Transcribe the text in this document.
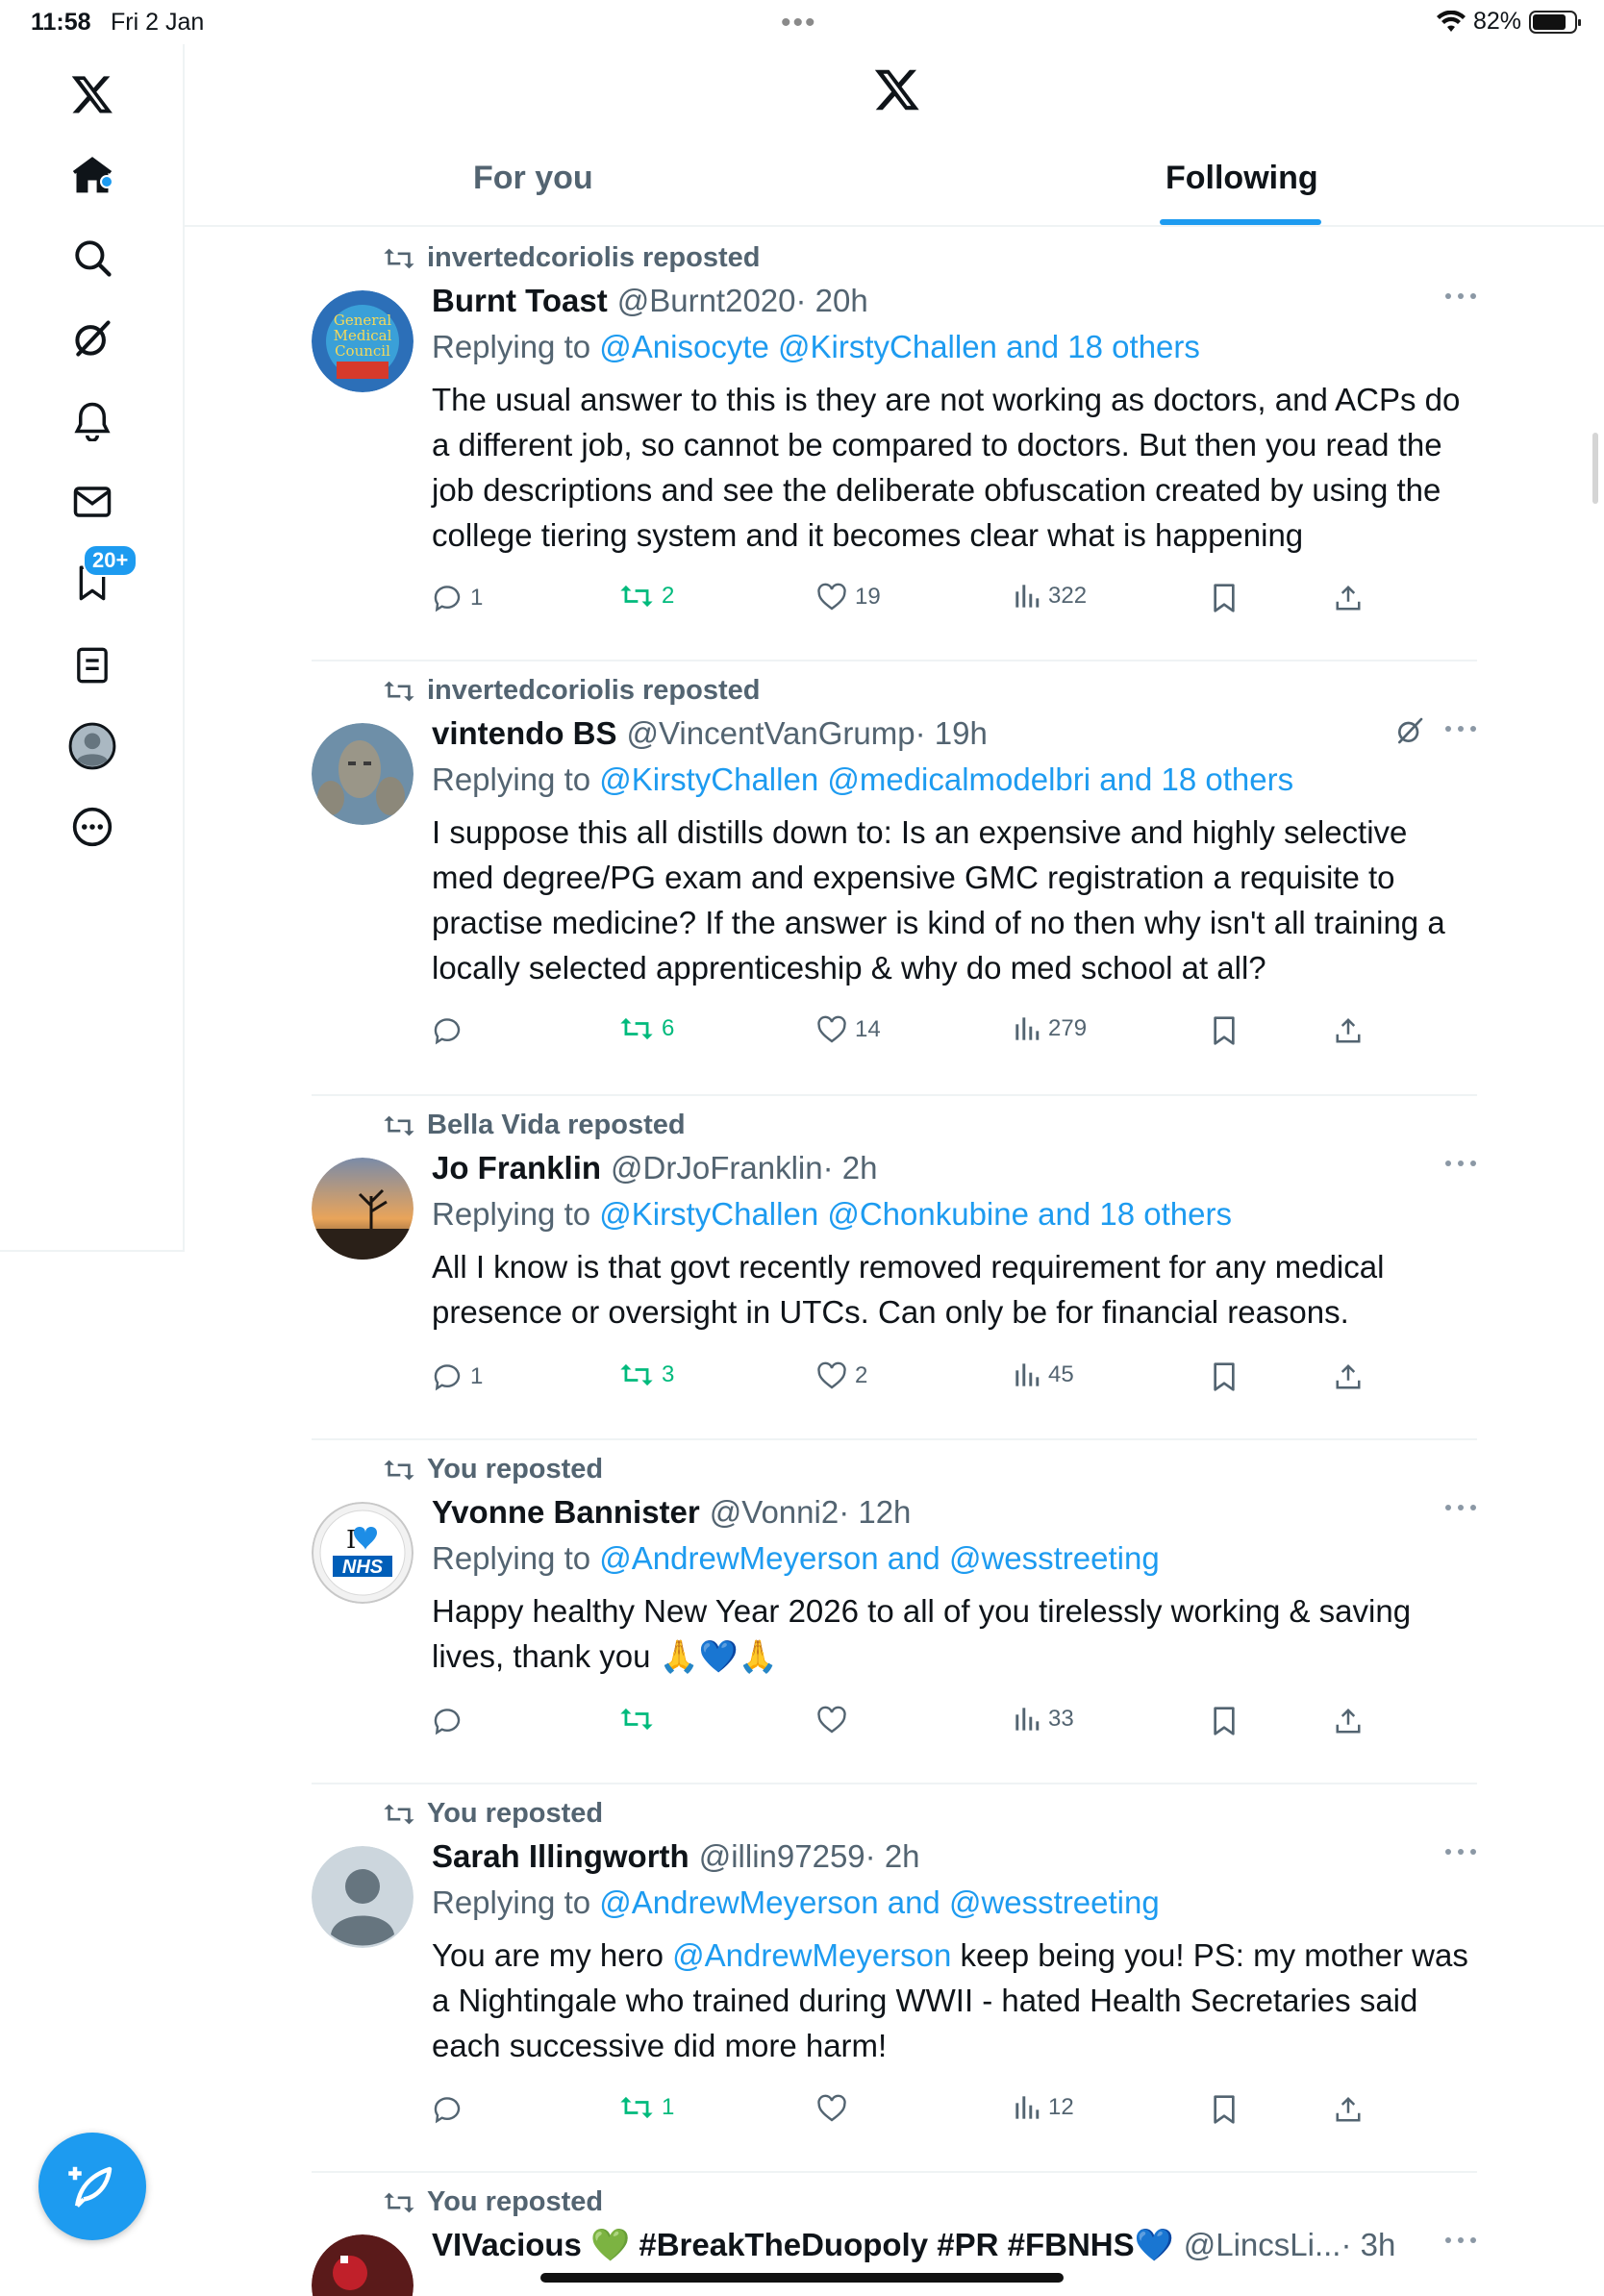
11:58 Fri 2 Jan	•••	82%
20+
For you	Following
invertedcoriolis reposted
General
Medical
Council
Burnt Toast @Burnt2020 · 20h
Replying to @Anisocyte @KirstyChallen and 18 others
The usual answer to this is they are not working as doctors, and ACPs do a different job, so cannot be compared to doctors. But then you read the job descriptions and see the deliberate obfuscation created by using the college tiering system and it becomes clear what is happening
1	2	19	322
invertedcoriolis reposted
vintendo BS @VincentVanGrump · 19h
Replying to @KirstyChallen @medicalmodelbri and 18 others
I suppose this all distills down to: Is an expensive and highly selective med degree/PG exam and expensive GMC registration a requisite to practise medicine? If the answer is kind of no then why isn't all training a locally selected apprenticeship & why do med school at all?
6	14	279
Bella Vida reposted
Jo Franklin @DrJoFranklin · 2h
Replying to @KirstyChallen @Chonkubine and 18 others
All I know is that govt recently removed requirement for any medical presence or oversight in UTCs. Can only be for financial reasons.
1	3	2	45
You reposted
I
NHS
Yvonne Bannister @Vonni2 · 12h
Replying to @AndrewMeyerson and @wesstreeting
Happy healthy New Year 2026 to all of you tirelessly working & saving lives, thank you 🙏💙🙏
33
You reposted
Sarah Illingworth @illin97259 · 2h
Replying to @AndrewMeyerson and @wesstreeting
You are my hero @AndrewMeyerson keep being you! PS: my mother was a Nightingale who trained during WWII - hated Health Secretaries said each successive did more harm!
1	12
You reposted
VIVacious 💚 #BreakTheDuopoly #PR #FBNHS💙 @LincsLi... · 3h
